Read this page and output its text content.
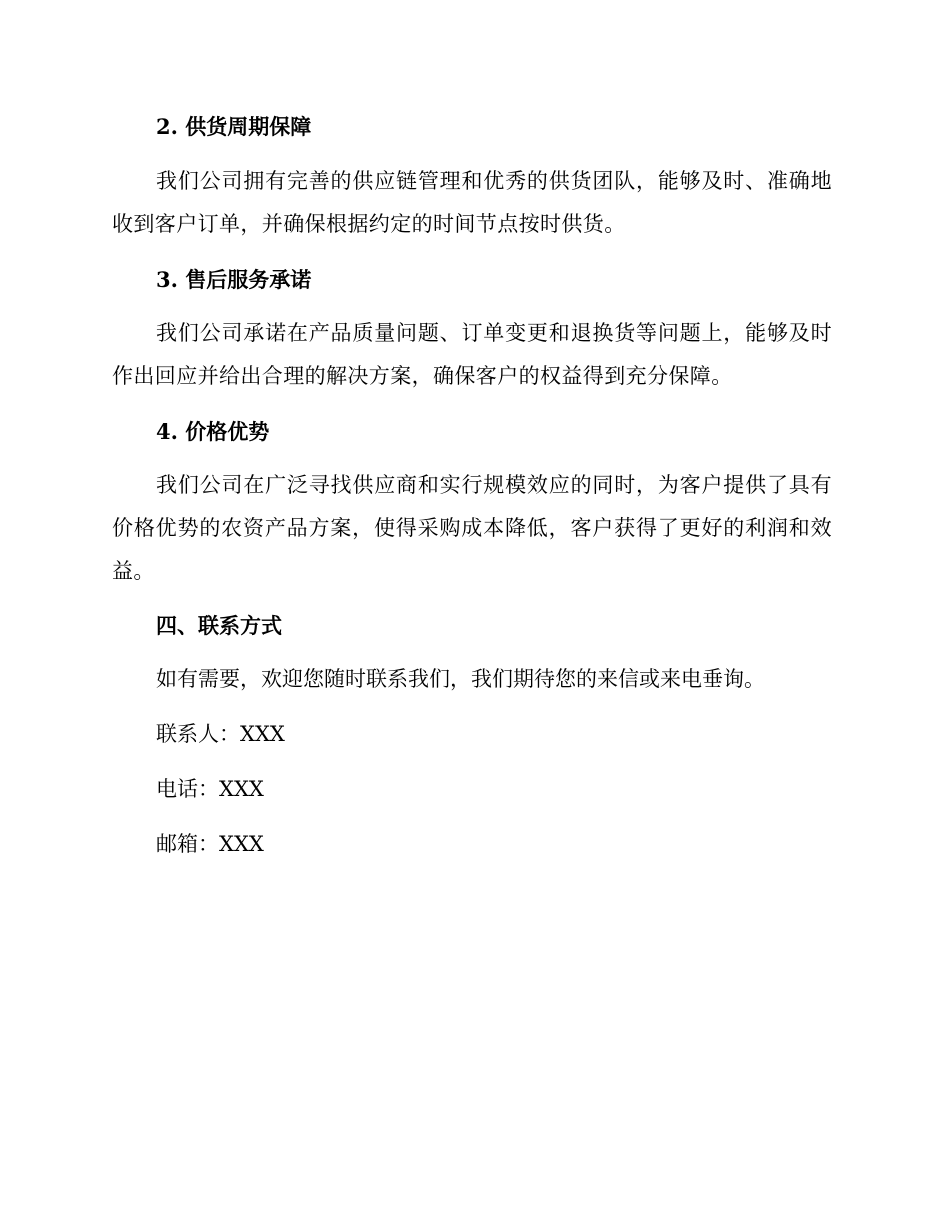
2. 供货周期保障
我们公司拥有完善的供应链管理和优秀的供货团队，能够及时、准确地收到客户订单，并确保根据约定的时间节点按时供货。
3. 售后服务承诺
我们公司承诺在产品质量问题、订单变更和退换货等问题上，能够及时作出回应并给出合理的解决方案，确保客户的权益得到充分保障。
4. 价格优势
我们公司在广泛寻找供应商和实行规模效应的同时，为客户提供了具有价格优势的农资产品方案，使得采购成本降低，客户获得了更好的利润和效益。
四、联系方式
如有需要，欢迎您随时联系我们，我们期待您的来信或来电垂询。
联系人：XXX
电话：XXX
邮箱：XXX
